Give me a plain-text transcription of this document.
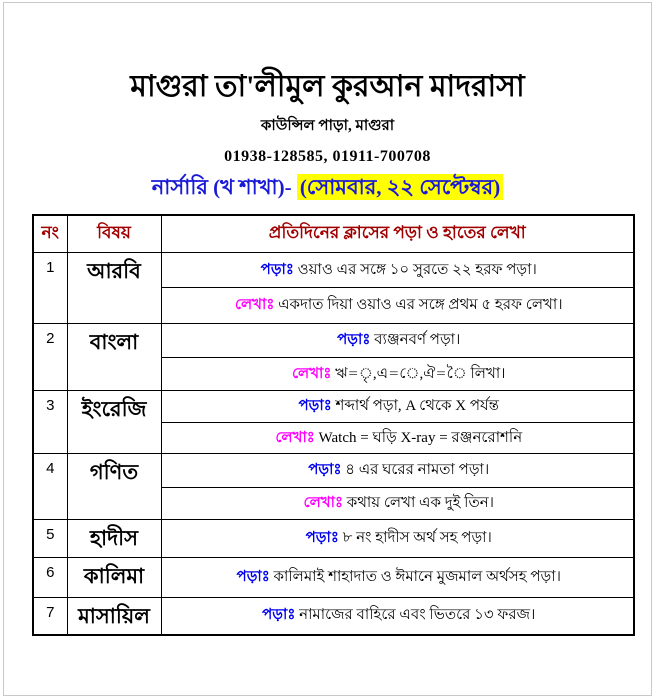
মাগুরা তা'লীমুল কুরআন মাদরাসা
কাউন্সিল পাড়া, মাগুরা
01938-128585, 01911-700708
নার্সারি (খ শাখা)- (সোমবার, ২২ সেপ্টেম্বর)
নং	বিষয়	প্রতিদিনের ক্লাসের পড়া ও হাতের লেখা
1	আরবি	পড়াঃ ওয়াও এর সঙ্গে ১০ সুরতে ২২ হরফ পড়া।
		লেখাঃ একদাত দিয়া ওয়াও এর সঙ্গে প্রথম ৫ হরফ লেখা।
2	বাংলা	পড়াঃ ব্যঞ্জনবর্ণ পড়া।
		লেখাঃ ঋ=ৃ,এ=ে,ঐ=ৈ লিখা।
3	ইংরেজি	পড়াঃ শব্দার্থ পড়া, A থেকে X পর্যন্ত
		লেখাঃ Watch = ঘড়ি X-ray = রঞ্জনরোশনি
4	গণিত	পড়াঃ ৪ এর ঘরের নামতা পড়া।
		লেখাঃ কথায় লেখা এক দুই তিন।
5	হাদীস	পড়াঃ ৮ নং হাদীস অর্থ সহ পড়া।
6	কালিমা	পড়াঃ কালিমাই শাহাদাত ও ঈমানে মুজমাল অর্থসহ পড়া।
7	মাসায়িল	পড়াঃ নামাজের বাহিরে এবং ভিতরে ১৩ ফরজ।
